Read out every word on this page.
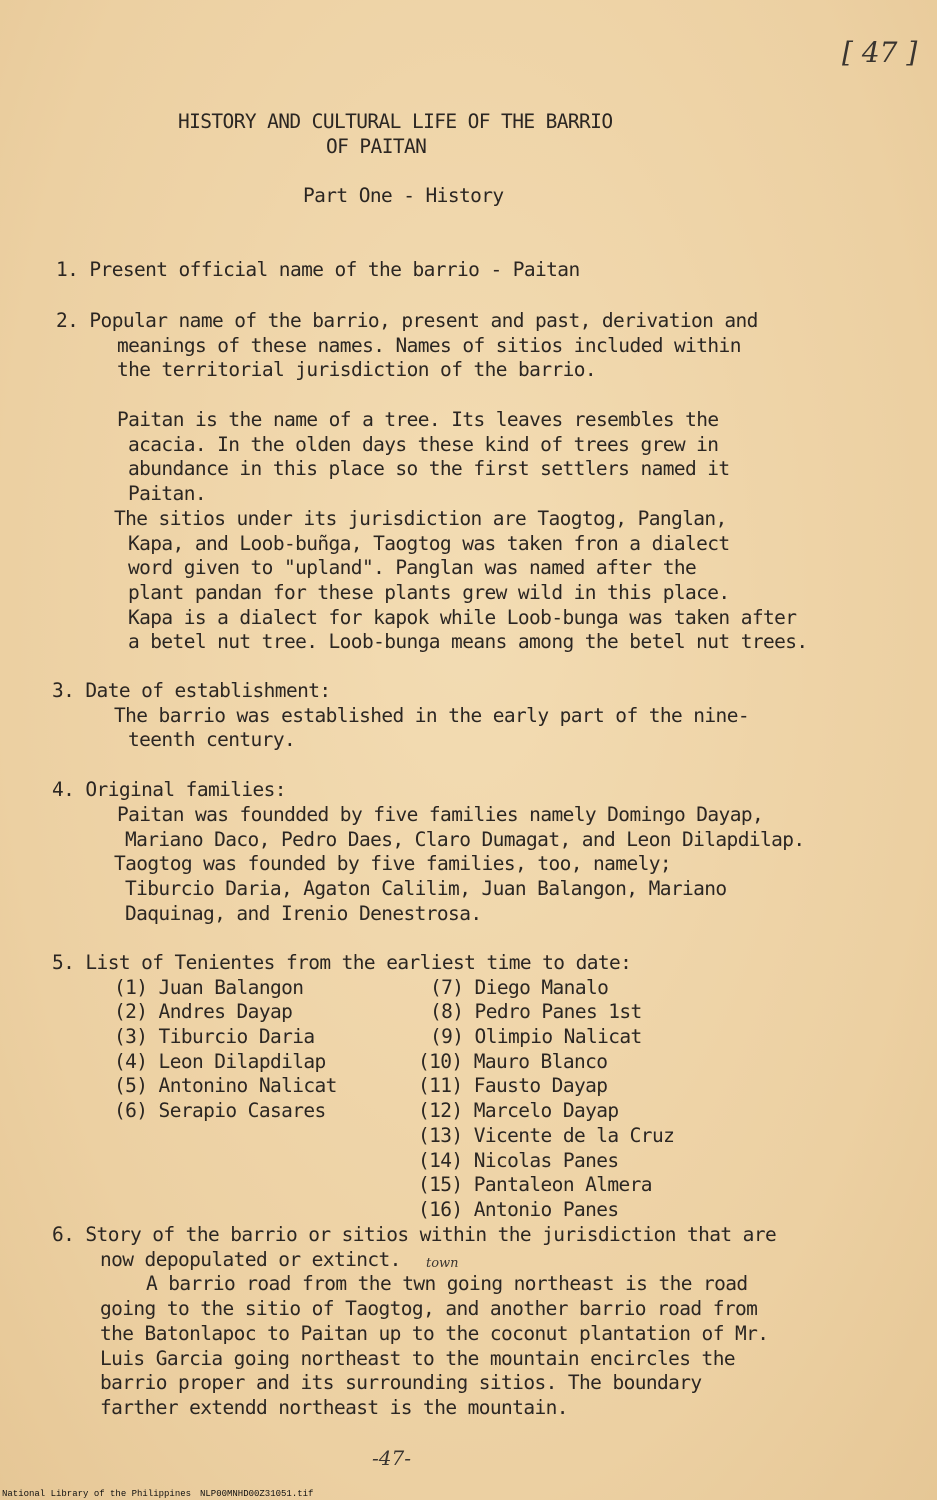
[ 47 ]
HISTORY AND CULTURAL LIFE OF THE BARRIO
OF PAITAN
Part One - History
1. Present official name of the barrio - Paitan
2. Popular name of the barrio, present and past, derivation and
meanings of these names. Names of sitios included within
the territorial jurisdiction of the barrio.
Paitan is the name of a tree. Its leaves resembles the
acacia. In the olden days these kind of trees grew in
abundance in this place so the first settlers named it
Paitan.
The sitios under its jurisdiction are Taogtog, Panglan,
Kapa, and Loob-buñga, Taogtog was taken fron a dialect
word given to "upland". Panglan was named after the
plant pandan for these plants grew wild in this place.
Kapa is a dialect for kapok while Loob-bunga was taken after
a betel nut tree. Loob-bunga means among the betel nut trees.
3. Date of establishment:
The barrio was established in the early part of the nine-
teenth century.
4. Original families:
Paitan was foundded by five families namely Domingo Dayap,
Mariano Daco, Pedro Daes, Claro Dumagat, and Leon Dilapdilap.
Taogtog was founded by five families, too, namely;
Tiburcio Daria, Agaton Calilim, Juan Balangon, Mariano
Daquinag, and Irenio Denestrosa.
5. List of Tenientes from the earliest time to date:
(1) Juan Balangon
(2) Andres Dayap
(3) Tiburcio Daria
(4) Leon Dilapdilap
(5) Antonino Nalicat
(6) Serapio Casares
(7) Diego Manalo
(8) Pedro Panes 1st
(9) Olimpio Nalicat
(10) Mauro Blanco
(11) Fausto Dayap
(12) Marcelo Dayap
(13) Vicente de la Cruz
(14) Nicolas Panes
(15) Pantaleon Almera
(16) Antonio Panes
6. Story of the barrio or sitios within the jurisdiction that are
now depopulated or extinct. town
A barrio road from the twn going northeast is the road
going to the sitio of Taogtog, and another barrio road from
the Batonlapoc to Paitan up to the coconut plantation of Mr.
Luis Garcia going northeast to the mountain encircles the
barrio proper and its surrounding sitios. The boundary
farther extendd northeast is the mountain.
-47-
National Library of the Philippines NLP00MNHD00Z31051.tif
